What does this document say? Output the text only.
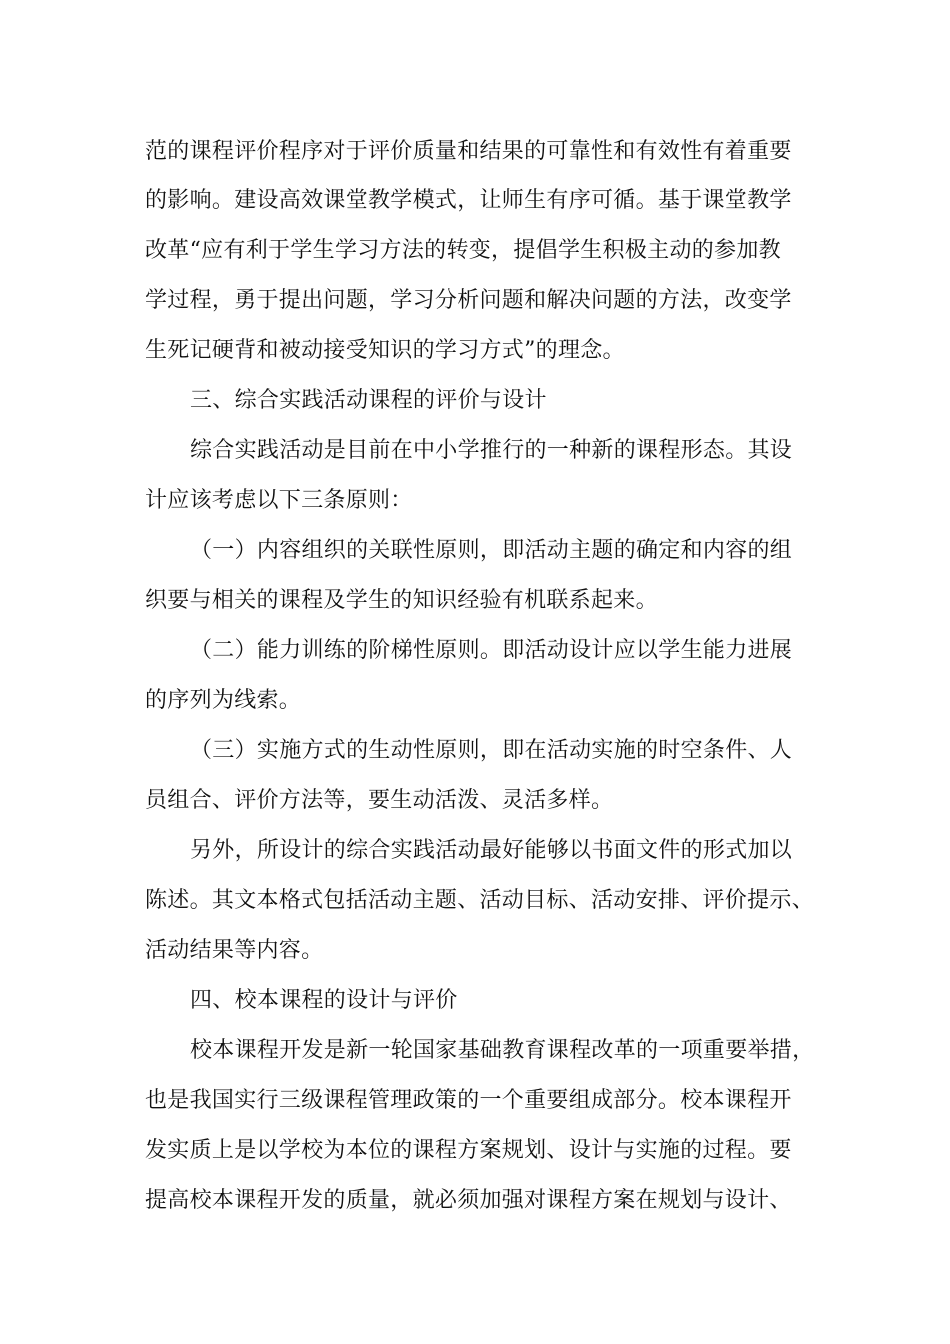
范的课程评价程序对于评价质量和结果的可靠性和有效性有着重要
的影响。建设高效课堂教学模式，让师生有序可循。基于课堂教学
改革“应有利于学生学习方法的转变，提倡学生积极主动的参加教
学过程，勇于提出问题，学习分析问题和解决问题的方法，改变学
生死记硬背和被动接受知识的学习方式”的理念。
三、综合实践活动课程的评价与设计
综合实践活动是目前在中小学推行的一种新的课程形态。其设
计应该考虑以下三条原则：
（一）内容组织的关联性原则，即活动主题的确定和内容的组
织要与相关的课程及学生的知识经验有机联系起来。
（二）能力训练的阶梯性原则。即活动设计应以学生能力进展
的序列为线索。
（三）实施方式的生动性原则，即在活动实施的时空条件、人
员组合、评价方法等，要生动活泼、灵活多样。
另外，所设计的综合实践活动最好能够以书面文件的形式加以
陈述。其文本格式包括活动主题、活动目标、活动安排、评价提示、
活动结果等内容。
四、校本课程的设计与评价
校本课程开发是新一轮国家基础教育课程改革的一项重要举措，
也是我国实行三级课程管理政策的一个重要组成部分。校本课程开
发实质上是以学校为本位的课程方案规划、设计与实施的过程。要
提高校本课程开发的质量，就必须加强对课程方案在规划与设计、
